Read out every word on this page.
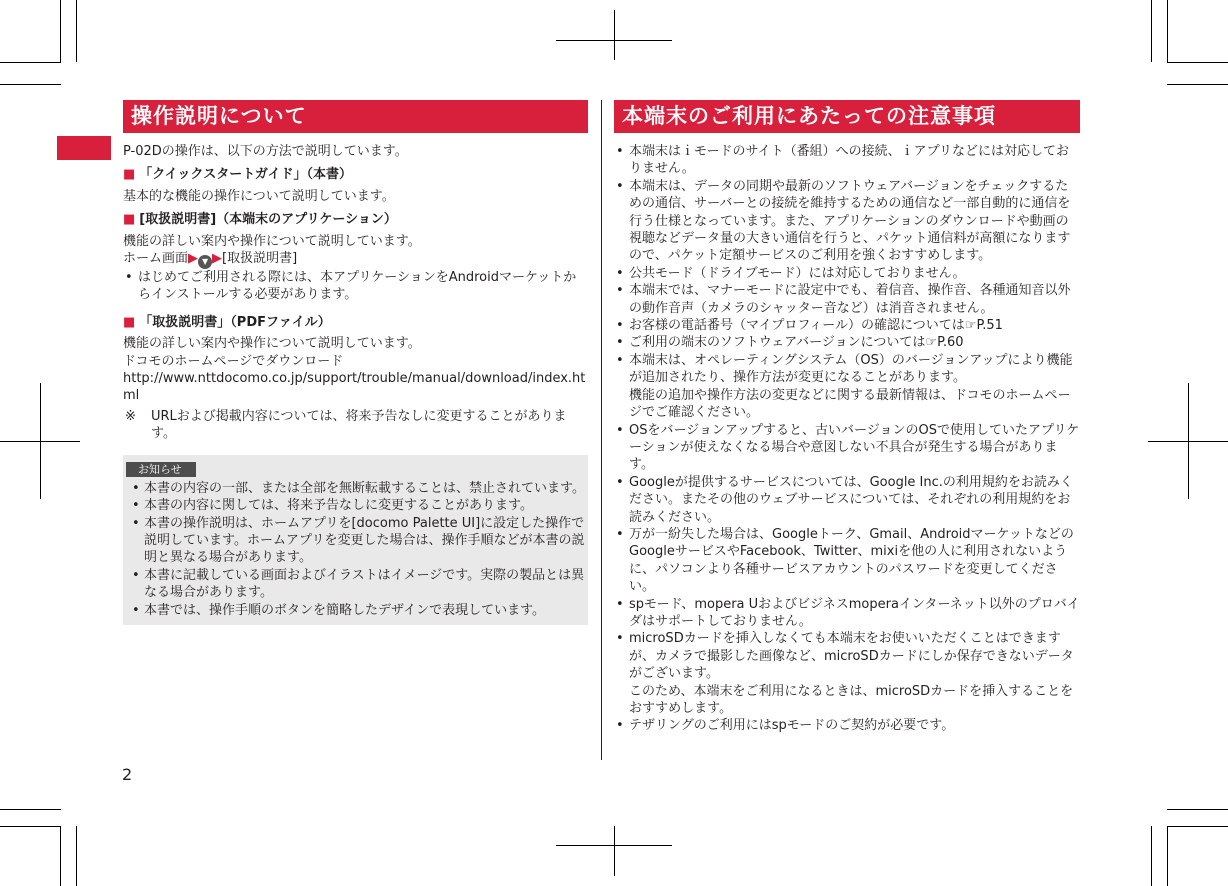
操作説明について

P-02Dの操作は、以下の方法で説明しています。

■ 「クイックスタートガイド」（本書）

基本的な機能の操作について説明しています。

■ [取扱説明書]（本端末のアプリケーション）

機能の詳しい案内や操作について説明しています。

ホーム画面▶ ▼ ▶[取扱説明書]

• はじめてご利用される際には、本アプリケーションをAndroidマーケットからインストールする必要があります。
■ 「取扱説明書」（PDFファイル）

機能の詳しい案内や操作について説明しています。

ドコモのホームページでダウンロード

http://www.nttdocomo.co.jp/support/trouble/manual/download/index.html

※ URLおよび掲載内容については、将来予告なしに変更することがあります。
お知らせ
• 本書の内容の一部、または全部を無断転載することは、禁止されています。
• 本書の内容に関しては、将来予告なしに変更することがあります。
• 本書の操作説明は、ホームアプリを[docomo Palette UI]に設定した操作で説明しています。ホームアプリを変更した場合は、操作手順などが本書の説明と異なる場合があります。
• 本書に記載している画面およびイラストはイメージです。実際の製品とは異なる場合があります。
• 本書では、操作手順のボタンを簡略したデザインで表現しています。
本端末のご利用にあたっての注意事項
• 本端末はｉモードのサイト（番組）への接続、ｉアプリなどには対応しておりません。
• 本端末は、データの同期や最新のソフトウェアバージョンをチェックするための通信、サーバーとの接続を維持するための通信など一部自動的に通信を行う仕様となっています。また、アプリケーションのダウンロードや動画の視聴などデータ量の大きい通信を行うと、パケット通信料が高額になりますので、パケット定額サービスのご利用を強くおすすめします。
• 公共モード（ドライブモード）には対応しておりません。
• 本端末では、マナーモードに設定中でも、着信音、操作音、各種通知音以外の動作音声（カメラのシャッター音など）は消音されません。
• お客様の電話番号（マイプロフィール）の確認については☞P.51
• ご利用の端末のソフトウェアバージョンについては☞P.60
• 本端末は、オペレーティングシステム（OS）のバージョンアップにより機能が追加されたり、操作方法が変更になることがあります。
機能の追加や操作方法の変更などに関する最新情報は、ドコモのホームページでご確認ください。
• OSをバージョンアップすると、古いバージョンのOSで使用していたアプリケーションが使えなくなる場合や意図しない不具合が発生する場合があります。
• Googleが提供するサービスについては、Google Inc.の利用規約をお読みください。またその他のウェブサービスについては、それぞれの利用規約をお読みください。
• 万が一紛失した場合は、Googleトーク、Gmail、AndroidマーケットなどのGoogleサービスやFacebook、Twitter、mixiを他の人に利用されないように、パソコンより各種サービスアカウントのパスワードを変更してください。
• spモード、mopera Uおよびビジネスmoperaインターネット以外のプロバイダはサポートしておりません。
• microSDカードを挿入しなくても本端末をお使いいただくことはできますが、カメラで撮影した画像など、microSDカードにしか保存できないデータがございます。
このため、本端末をご利用になるときは、microSDカードを挿入することをおすすめします。
• テザリングのご利用にはspモードのご契約が必要です。
2
